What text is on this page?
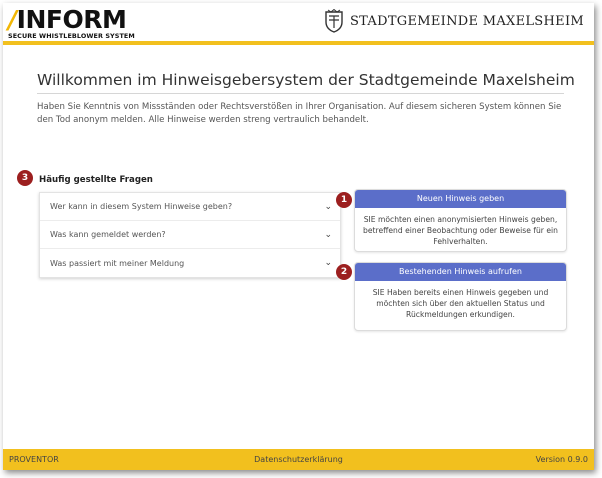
/INFORM
SECURE WHISTLEBLOWER SYSTEM
STADTGEMEINDE MAXELSHEIM
Willkommen im Hinweisgebersystem der Stadtgemeinde Maxelsheim
Haben Sie Kenntnis von Missständen oder Rechtsverstößen in Ihrer Organisation. Auf diesem sicheren System können Sie den Tod anonym melden. Alle Hinweise werden streng vertraulich behandelt.
3	Häufig gestellte Fragen
Wer kann in diesem System Hinweise geben?	⌄
Was kann gemeldet werden?	⌄
Was passiert mit meiner Meldung	⌄
1	Neuen Hinweis geben
SIE möchten einen anonymisierten Hinweis geben, betreffend einer Beobachtung oder Beweise für ein Fehlverhalten.
2	Bestehenden Hinweis aufrufen
SIE Haben bereits einen Hinweis gegeben und möchten sich über den aktuellen Status und Rückmeldungen erkundigen.
PROVENTOR	Datenschutzerklärung	Version 0.9.0
